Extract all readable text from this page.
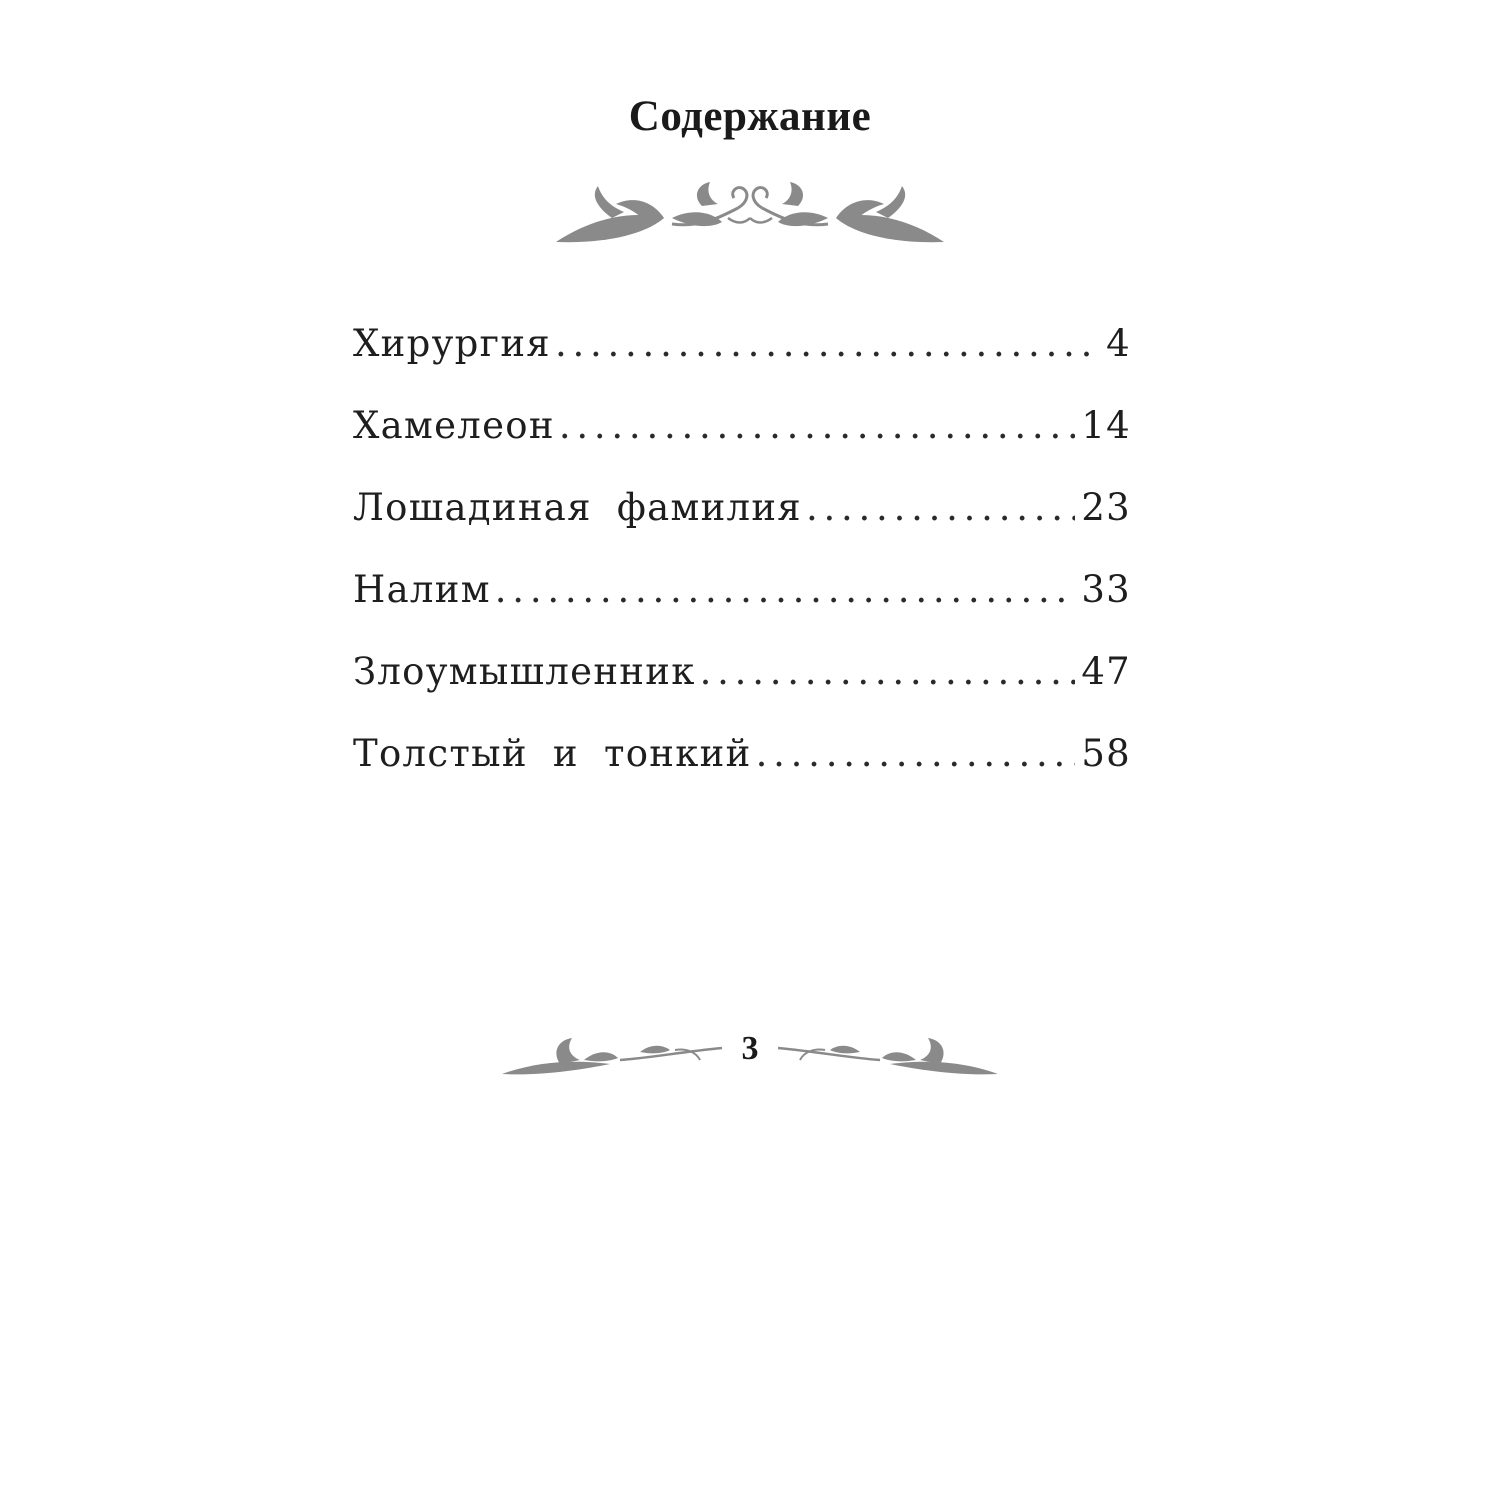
Содержание
Хирургия . . .	4
Хамелеон . . .	14
Лошадиная фамилия . . .	23
Налим . . .	33
Злоумышленник . . .	47
Толстый и тонкий . . .	58
3
